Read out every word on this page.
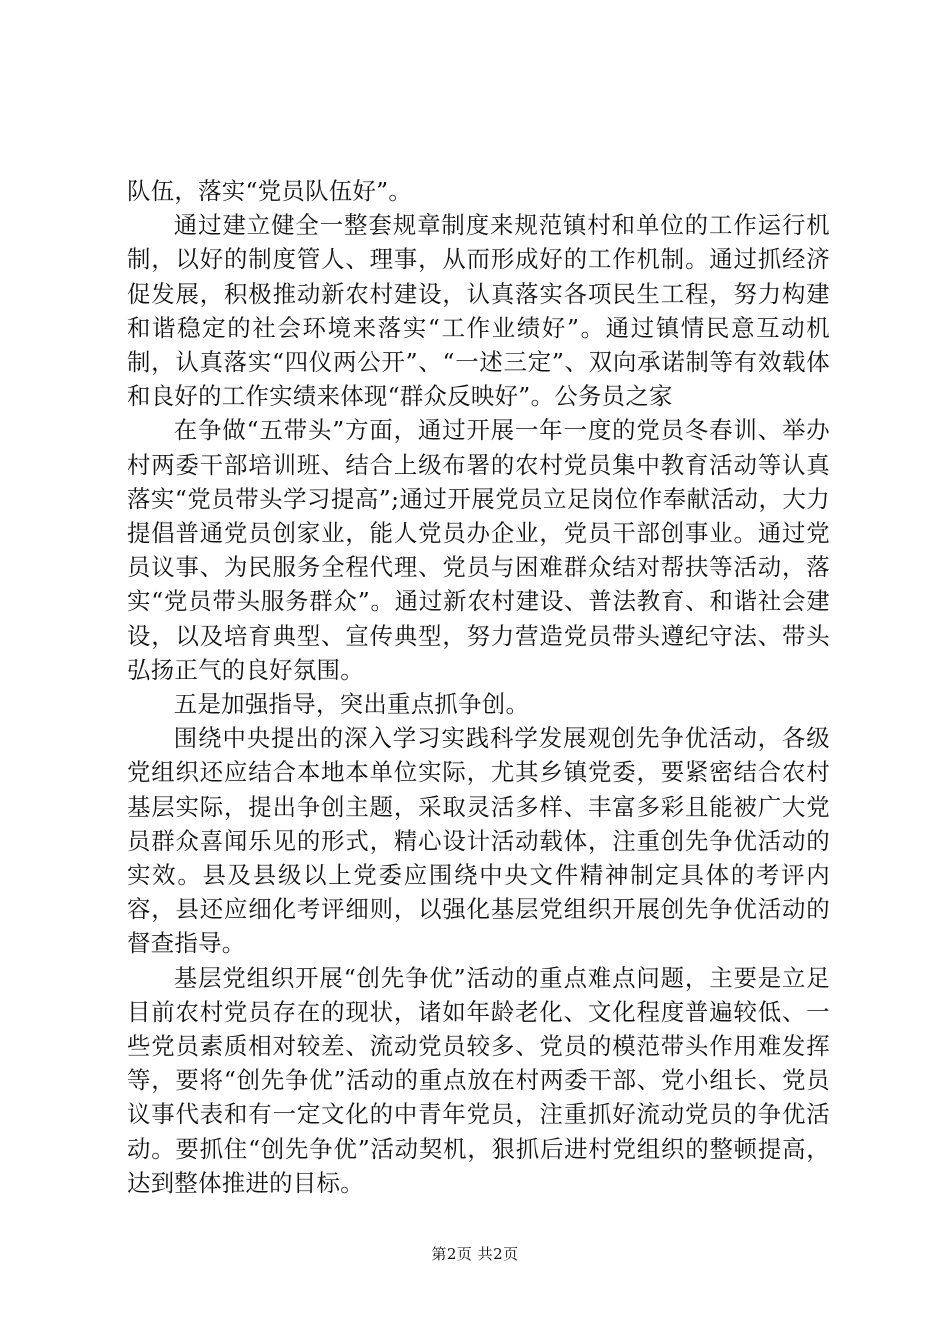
队伍，落实“党员队伍好”。

通过建立健全一整套规章制度来规范镇村和单位的工作运行机制，以好的制度管人、理事，从而形成好的工作机制。通过抓经济促发展，积极推动新农村建设，认真落实各项民生工程，努力构建和谐稳定的社会环境来落实“工作业绩好”。通过镇情民意互动机制，认真落实“四仪两公开”、“一述三定”、双向承诺制等有效载体和良好的工作实绩来体现“群众反映好”。公务员之家

在争做“五带头”方面，通过开展一年一度的党员冬春训、举办村两委干部培训班、结合上级布署的农村党员集中教育活动等认真落实“党员带头学习提高”;通过开展党员立足岗位作奉献活动，大力提倡普通党员创家业，能人党员办企业，党员干部创事业。通过党员议事、为民服务全程代理、党员与困难群众结对帮扶等活动，落实“党员带头服务群众”。通过新农村建设、普法教育、和谐社会建设，以及培育典型、宣传典型，努力营造党员带头遵纪守法、带头弘扬正气的良好氛围。

五是加强指导，突出重点抓争创。

围绕中央提出的深入学习实践科学发展观创先争优活动，各级党组织还应结合本地本单位实际，尤其乡镇党委，要紧密结合农村基层实际，提出争创主题，采取灵活多样、丰富多彩且能被广大党员群众喜闻乐见的形式，精心设计活动载体，注重创先争优活动的实效。县及县级以上党委应围绕中央文件精神制定具体的考评内容，县还应细化考评细则，以强化基层党组织开展创先争优活动的督查指导。

基层党组织开展“创先争优”活动的重点难点问题，主要是立足目前农村党员存在的现状，诸如年龄老化、文化程度普遍较低、一些党员素质相对较差、流动党员较多、党员的模范带头作用难发挥等，要将“创先争优”活动的重点放在村两委干部、党小组长、党员议事代表和有一定文化的中青年党员，注重抓好流动党员的争优活动。要抓住“创先争优”活动契机，狠抓后进村党组织的整顿提高，达到整体推进的目标。

第2页 共2页
